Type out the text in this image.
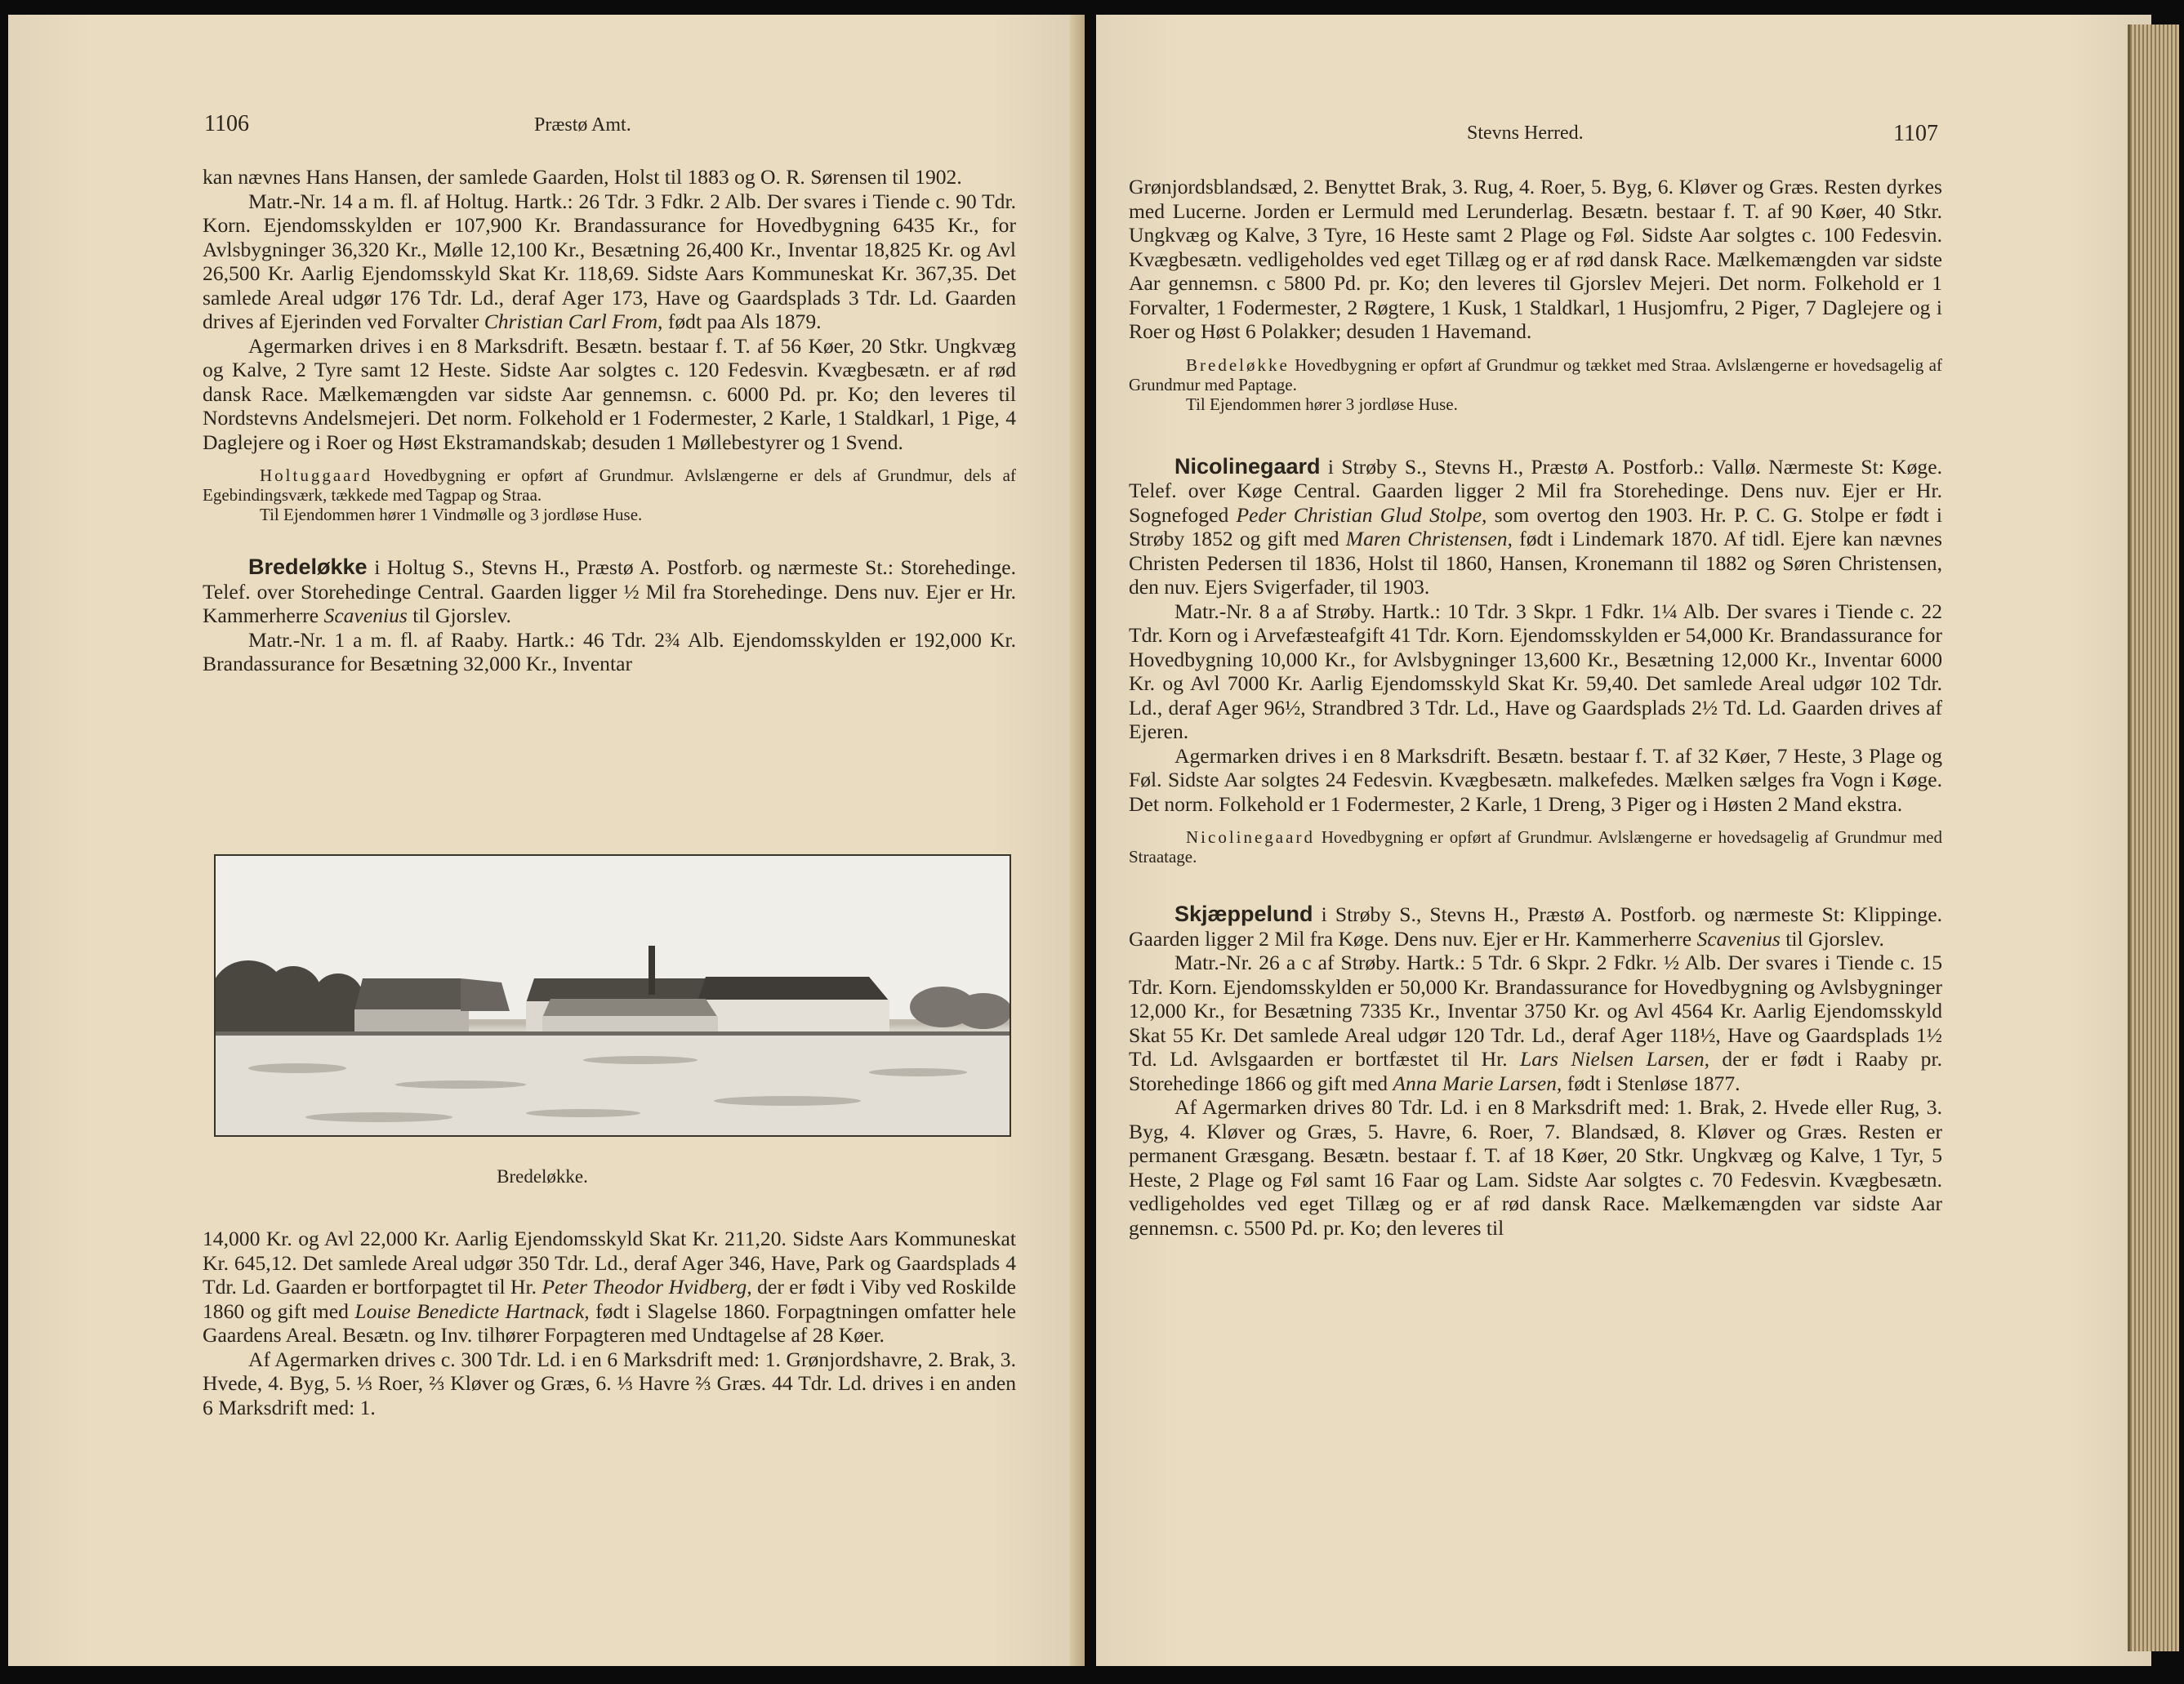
1106	Præstø Amt.

kan nævnes Hans Hansen, der samlede Gaarden, Holst til 1883 og O. R. Sørensen til 1902.

Matr.-Nr. 14 a m. fl. af Holtug. Hartk.: 26 Tdr. 3 Fdkr. 2 Alb. Der svares i Tiende c. 90 Tdr. Korn. Ejendomsskylden er 107,900 Kr. Brandassurance for Hovedbygning 6435 Kr., for Avlsbygninger 36,320 Kr., Mølle 12,100 Kr., Besætning 26,400 Kr., Inventar 18,825 Kr. og Avl 26,500 Kr. Aarlig Ejendomsskyld Skat Kr. 118,69. Sidste Aars Kommuneskat Kr. 367,35. Det samlede Areal udgør 176 Tdr. Ld., deraf Ager 173, Have og Gaardsplads 3 Tdr. Ld. Gaarden drives af Ejerinden ved Forvalter Christian Carl From, født paa Als 1879.

Agermarken drives i en 8 Marksdrift. Besætn. bestaar f. T. af 56 Køer, 20 Stkr. Ungkvæg og Kalve, 2 Tyre samt 12 Heste. Sidste Aar solgtes c. 120 Fedesvin. Kvægbesætn. er af rød dansk Race. Mælkemængden var sidste Aar gennemsn. c. 6000 Pd. pr. Ko; den leveres til Nordstevns Andelsmejeri. Det norm. Folkehold er 1 Fodermester, 2 Karle, 1 Staldkarl, 1 Pige, 4 Daglejere og i Roer og Høst Ekstramandskab; desuden 1 Møllebestyrer og 1 Svend.

Holtuggaard Hovedbygning er opført af Grundmur. Avlslængerne er dels af Grundmur, dels af Egebindingsværk, tækkede med Tagpap og Straa.
Til Ejendommen hører 1 Vindmølle og 3 jordløse Huse.

Bredeløkke i Holtug S., Stevns H., Præstø A. Postforb. og nærmeste St.: Storehedinge. Telef. over Storehedinge Central. Gaarden ligger ½ Mil fra Storehedinge. Dens nuv. Ejer er Hr. Kammerherre Scavenius til Gjorslev.

Matr.-Nr. 1 a m. fl. af Raaby. Hartk.: 46 Tdr. 2¾ Alb. Ejendomsskylden er 192,000 Kr. Brandassurance for Besætning 32,000 Kr., Inventar

Bredeløkke.

14,000 Kr. og Avl 22,000 Kr. Aarlig Ejendomsskyld Skat Kr. 211,20. Sidste Aars Kommuneskat Kr. 645,12. Det samlede Areal udgør 350 Tdr. Ld., deraf Ager 346, Have, Park og Gaardsplads 4 Tdr. Ld. Gaarden er bortforpagtet til Hr. Peter Theodor Hvidberg, der er født i Viby ved Roskilde 1860 og gift med Louise Benedicte Hartnack, født i Slagelse 1860. Forpagtningen omfatter hele Gaardens Areal. Besætn. og Inv. tilhører Forpagteren med Undtagelse af 28 Køer.

Af Agermarken drives c. 300 Tdr. Ld. i en 6 Marksdrift med: 1. Grønjordshavre, 2. Brak, 3. Hvede, 4. Byg, 5. ⅓ Roer, ⅔ Kløver og Græs, 6. ⅓ Havre ⅔ Græs. 44 Tdr. Ld. drives i en anden 6 Marksdrift med: 1.

Stevns Herred.	1107

Grønjordsblandsæd, 2. Benyttet Brak, 3. Rug, 4. Roer, 5. Byg, 6. Kløver og Græs. Resten dyrkes med Lucerne. Jorden er Lermuld med Lerunderlag. Besætn. bestaar f. T. af 90 Køer, 40 Stkr. Ungkvæg og Kalve, 3 Tyre, 16 Heste samt 2 Plage og Føl. Sidste Aar solgtes c. 100 Fedesvin. Kvægbesætn. vedligeholdes ved eget Tillæg og er af rød dansk Race. Mælkemængden var sidste Aar gennemsn. c 5800 Pd. pr. Ko; den leveres til Gjorslev Mejeri. Det norm. Folkehold er 1 Forvalter, 1 Fodermester, 2 Røgtere, 1 Kusk, 1 Staldkarl, 1 Husjomfru, 2 Piger, 7 Daglejere og i Roer og Høst 6 Polakker; desuden 1 Havemand.

Bredeløkke Hovedbygning er opført af Grundmur og tækket med Straa. Avlslængerne er hovedsagelig af Grundmur med Paptage.
Til Ejendommen hører 3 jordløse Huse.

Nicolinegaard i Strøby S., Stevns H., Præstø A. Postforb.: Vallø. Nærmeste St: Køge. Telef. over Køge Central. Gaarden ligger 2 Mil fra Storehedinge. Dens nuv. Ejer er Hr. Sognefoged Peder Christian Glud Stolpe, som overtog den 1903. Hr. P. C. G. Stolpe er født i Strøby 1852 og gift med Maren Christensen, født i Lindemark 1870. Af tidl. Ejere kan nævnes Christen Pedersen til 1836, Holst til 1860, Hansen, Kronemann til 1882 og Søren Christensen, den nuv. Ejers Svigerfader, til 1903.

Matr.-Nr. 8 a af Strøby. Hartk.: 10 Tdr. 3 Skpr. 1 Fdkr. 1¼ Alb. Der svares i Tiende c. 22 Tdr. Korn og i Arvefæsteafgift 41 Tdr. Korn. Ejendomsskylden er 54,000 Kr. Brandassurance for Hovedbygning 10,000 Kr., for Avlsbygninger 13,600 Kr., Besætning 12,000 Kr., Inventar 6000 Kr. og Avl 7000 Kr. Aarlig Ejendomsskyld Skat Kr. 59,40. Det samlede Areal udgør 102 Tdr. Ld., deraf Ager 96½, Strandbred 3 Tdr. Ld., Have og Gaardsplads 2½ Td. Ld. Gaarden drives af Ejeren.

Agermarken drives i en 8 Marksdrift. Besætn. bestaar f. T. af 32 Køer, 7 Heste, 3 Plage og Føl. Sidste Aar solgtes 24 Fedesvin. Kvægbesætn. malkefedes. Mælken sælges fra Vogn i Køge. Det norm. Folkehold er 1 Fodermester, 2 Karle, 1 Dreng, 3 Piger og i Høsten 2 Mand ekstra.

Nicolinegaard Hovedbygning er opført af Grundmur. Avlslængerne er hovedsagelig af Grundmur med Straatage.

Skjæppelund i Strøby S., Stevns H., Præstø A. Postforb. og nærmeste St: Klippinge. Gaarden ligger 2 Mil fra Køge. Dens nuv. Ejer er Hr. Kammerherre Scavenius til Gjorslev.

Matr.-Nr. 26 a c af Strøby. Hartk.: 5 Tdr. 6 Skpr. 2 Fdkr. ½ Alb. Der svares i Tiende c. 15 Tdr. Korn. Ejendomsskylden er 50,000 Kr. Brandassurance for Hovedbygning og Avlsbygninger 12,000 Kr., for Besætning 7335 Kr., Inventar 3750 Kr. og Avl 4564 Kr. Aarlig Ejendomsskyld Skat 55 Kr. Det samlede Areal udgør 120 Tdr. Ld., deraf Ager 118½, Have og Gaardsplads 1½ Td. Ld. Avlsgaarden er bortfæstet til Hr. Lars Nielsen Larsen, der er født i Raaby pr. Storehedinge 1866 og gift med Anna Marie Larsen, født i Stenløse 1877.

Af Agermarken drives 80 Tdr. Ld. i en 8 Marksdrift med: 1. Brak, 2. Hvede eller Rug, 3. Byg, 4. Kløver og Græs, 5. Havre, 6. Roer, 7. Blandsæd, 8. Kløver og Græs. Resten er permanent Græsgang. Besætn. bestaar f. T. af 18 Køer, 20 Stkr. Ungkvæg og Kalve, 1 Tyr, 5 Heste, 2 Plage og Føl samt 16 Faar og Lam. Sidste Aar solgtes c. 70 Fedesvin. Kvægbesætn. vedligeholdes ved eget Tillæg og er af rød dansk Race. Mælkemængden var sidste Aar gennemsn. c. 5500 Pd. pr. Ko; den leveres til
